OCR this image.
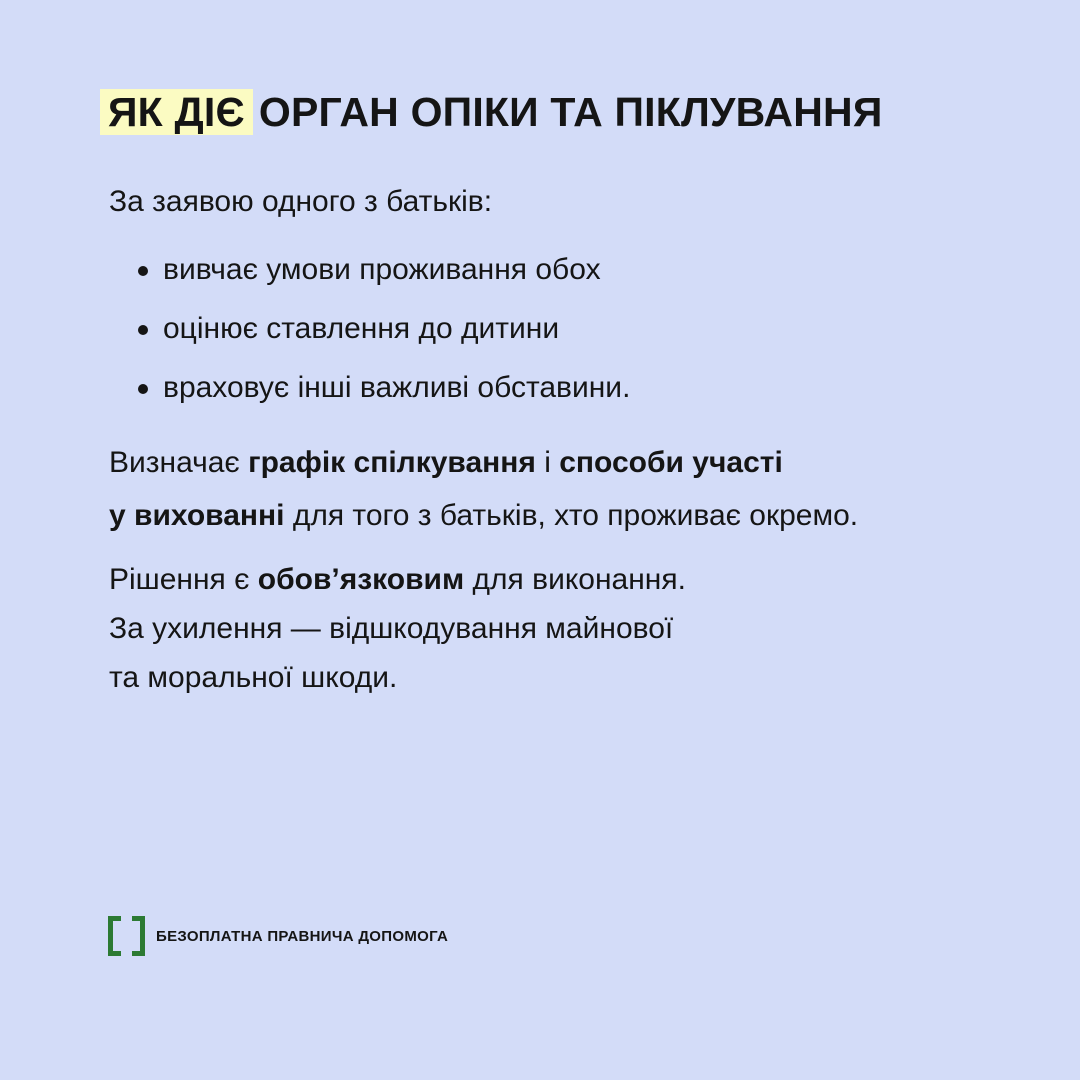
ЯК ДІЄ ОРГАН ОПІКИ ТА ПІКЛУВАННЯ

За заявою одного з батьків:

вивчає умови проживання обох
оцінює ставлення до дитини
враховує інші важливі обставини.

Визначає графік спілкування і способи участі
у вихованні для того з батьків, хто проживає окремо.

Рішення є обов’язковим для виконання.
За ухилення — відшкодування майнової
та моральної шкоди.

БЕЗОПЛАТНА ПРАВНИЧА ДОПОМОГА
